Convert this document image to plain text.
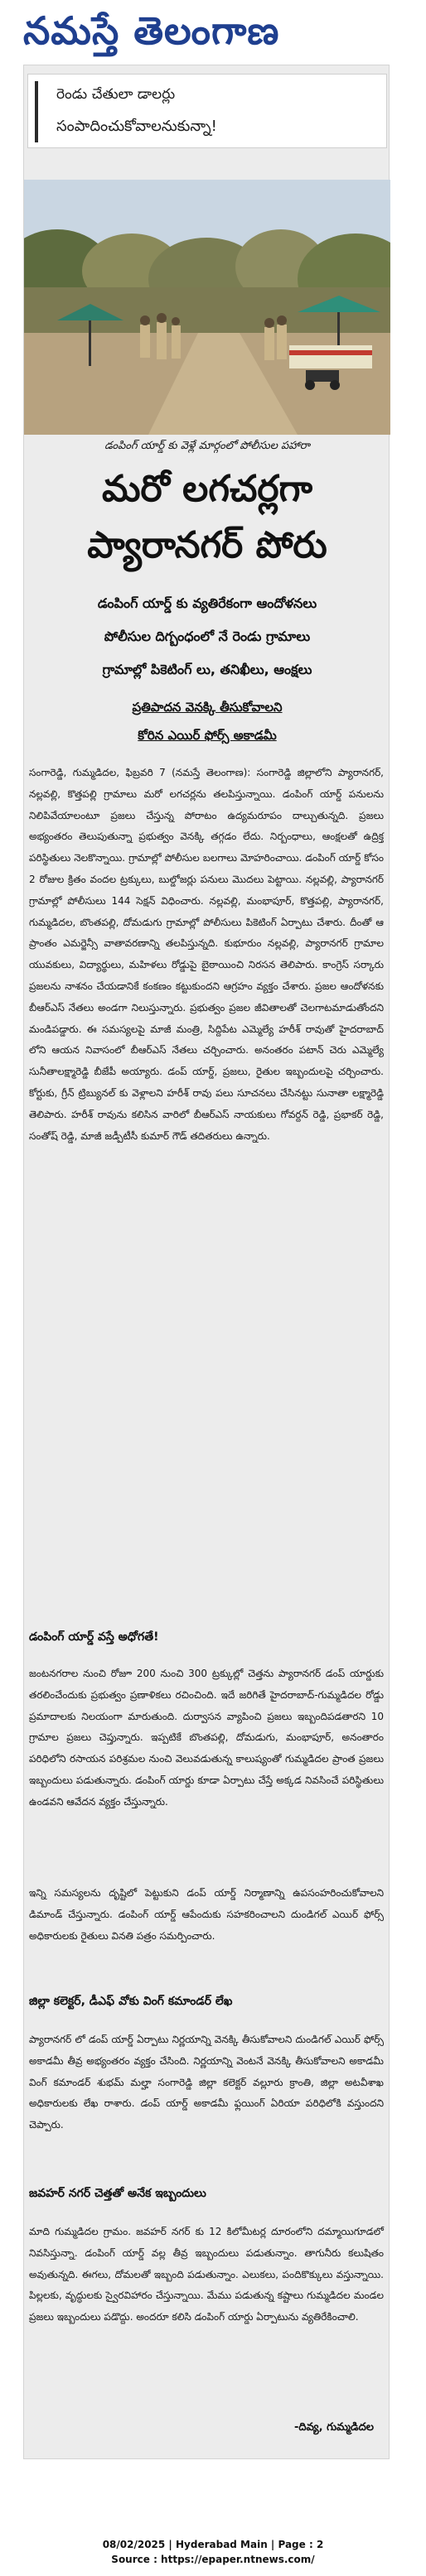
నమస్తే తెలంగాణ
రెండు చేతులా డాలర్లు
సంపాదించుకోవాలనుకున్నా!
డంపింగ్ యార్డ్ కు వెళ్లే మార్గంలో పోలీసుల పహారా
మరో లగచర్లగా
ప్యారానగర్ పోరు
డంపింగ్ యార్డ్ కు వ్యతిరేకంగా ఆందోళనలు
పోలీసుల దిగ్బంధంలో నే రెండు గ్రామాలు
గ్రామాల్లో పికెటింగ్ లు, తనిఖీలు, ఆంక్షలు
ప్రతిపాదన వెనక్కి తీసుకోవాలని
కోరిన ఎయిర్ ఫోర్స్ అకాడమీ

సంగారెడ్డి, గుమ్మడిదల, ఫిబ్రవరి 7 (నమస్తే తెలంగాణ): సంగారెడ్డి జిల్లాలోని ప్యారానగర్, నల్లవల్లి, కొత్తపల్లి గ్రామాలు మరో లగచర్లను తలపిస్తున్నాయి. డంపింగ్ యార్డ్ పనులను నిలిపివేయాలంటూ ప్రజలు చేస్తున్న పోరాటం ఉద్యమరూపం దాల్చుతున్నది. ప్రజలు అభ్యంతరం తెలుపుతున్నా ప్రభుత్వం వెనక్కి తగ్గడం లేదు. నిర్బంధాలు, ఆంక్షలతో ఉద్రిక్త పరిస్థితులు నెలకొన్నాయి. గ్రామాల్లో పోలీసుల బలగాలు మోహరించాయి. డంపింగ్ యార్డ్ కోసం 2 రోజుల క్రితం వందల ట్రక్కులు, బుల్డోజర్లు పనులు మొదలు పెట్టాయి. నల్లవల్లి, ప్యారానగర్ గ్రామాల్లో పోలీసులు 144 సెక్షన్ విధించారు. నల్లవల్లి, మంభాపూర్, కొత్తపల్లి, ప్యారానగర్, గుమ్మడిదల, బొంతపల్లి, దోమడుగు గ్రామాల్లో పోలీసులు పికెటింగ్ ఏర్పాటు చేశారు. దీంతో ఆ ప్రాంతం ఎమర్జెన్సీ వాతావరణాన్ని తలపిస్తున్నది. కుభూరుం నల్లవల్లి, ప్యారానగర్ గ్రామాల యువకులు, విద్యార్థులు, మహిళలు రోడ్డుపై బైఠాయించి నిరసన తెలిపారు. కాంగ్రెస్ సర్కారు ప్రజలను నాశనం చేయడానికే కంకణం కట్టుకుందని ఆగ్రహం వ్యక్తం చేశారు. ప్రజల ఆందోళనకు బీఆర్ఎస్ నేతలు అండగా నిలుస్తున్నారు. ప్రభుత్వం ప్రజల జీవితాలతో చెలగాటమాడుతోందని మండిపడ్డారు. ఈ సమస్యలపై మాజీ మంత్రి, సిద్దిపేట ఎమ్మెల్యే హరీశ్ రావుతో హైదరాబాద్ లోని ఆయన నివాసంలో బీఆర్ఎస్ నేతలు చర్చించారు. అనంతరం పటాన్ చెరు ఎమ్మెల్యే సునీతాలక్ష్మారెడ్డి బీజేపీ అయ్యారు. డంప్ యార్డ్, ప్రజలు, రైతుల ఇబ్బందులపై చర్చించారు. కోర్టుకు, గ్రీన్ ట్రిబ్యునల్ కు వెళ్లాలని హరీశ్ రావు పలు సూచనలు చేసినట్టు సునాతా లక్ష్మారెడ్డి తెలిపారు. హరీశ్ రావును కలిసిన వారిలో బీఆర్ఎస్ నాయకులు గోవర్దన్ రెడ్డి, ప్రభాకర్ రెడ్డి, సంతోష్ రెడ్డి, మాజీ జడ్పీటీసీ కుమార్ గౌడ్ తదితరులు ఉన్నారు.

డంపింగ్ యార్డ్ వస్తే అధోగతే!

జంటనగరాల నుంచి రోజూ 200 నుంచి 300 ట్రక్కుల్లో చెత్తను ప్యారానగర్ డంప్ యార్డుకు తరలించేందుకు ప్రభుత్వం ప్రణాళికలు రచించింది. ఇదే జరిగితే హైదరాబాద్-గుమ్మడిదల రోడ్డు ప్రమాదాలకు నిలయంగా మారుతుంది. దుర్వాసన వ్యాపించి ప్రజలు ఇబ్బందిపడతారని 10 గ్రామాల ప్రజలు చెప్తున్నారు. ఇప్పటికే బొంతపల్లి, దోమడుగు, మంభాపూర్, అనంతారం పరిధిలోని రసాయన పరిశ్రమల నుంచి వెలువడుతున్న కాలుష్యంతో గుమ్మడిదల ప్రాంత ప్రజలు ఇబ్బందులు పడుతున్నారు. డంపింగ్ యార్డు కూడా ఏర్పాటు చేస్తే అక్కడ నివసించే పరిస్థితులు ఉండవని ఆవేదన వ్యక్తం చేస్తున్నారు.

ఇన్ని సమస్యలను దృష్టిలో పెట్టుకుని డంప్ యార్డ్ నిర్మాణాన్ని ఉపసంహరించుకోవాలని డిమాండ్ చేస్తున్నారు. డంపింగ్ యార్డ్ ఆపేందుకు సహకరించాలని దుండిగల్ ఎయిర్ ఫోర్స్ అధికారులకు రైతులు వినతి పత్రం సమర్పించారు.

జిల్లా కలెక్టర్, డీఎఫ్ వోకు వింగ్ కమాండర్ లేఖ

ప్యారానగర్ లో డంప్ యార్డ్ ఏర్పాటు నిర్ణయాన్ని వెనక్కి తీసుకోవాలని దుండిగల్ ఎయిర్ ఫోర్స్ అకాడమీ తీవ్ర అభ్యంతరం వ్యక్తం చేసింది. నిర్ణయాన్ని వెంటనే వెనక్కి తీసుకోవాలని అకాడమీ వింగ్ కమాండర్ శుభమ్ మల్హా సంగారెడ్డి జిల్లా కలెక్టర్ వల్లూరు క్రాంతి, జిల్లా అటవీశాఖ అధికారులకు లేఖ రాశారు. డంప్ యార్డ్ అకాడమీ ఫ్లయింగ్ ఏరియా పరిధిలోకి వస్తుందని చెప్పారు.

జవహర్ నగర్ చెత్తతో అనేక ఇబ్బందులు

మాది గుమ్మడిదల గ్రామం. జవహర్ నగర్ కు 12 కిలోమీటర్ల దూరంలోని దమ్మాయిగూడలో నివసిస్తున్నా. డంపింగ్ యార్డ్ వల్ల తీవ్ర ఇబ్బందులు పడుతున్నాం. తాగునీరు కలుషితం అవుతున్నది. ఈగలు, దోమలతో ఇబ్బంది పడుతున్నాం. ఎలుకలు, పందికొక్కులు వస్తున్నాయి. పిల్లలకు, వృద్ధులకు స్వైరవిహారం చేస్తున్నాయి. మేము పడుతున్న కష్టాలు గుమ్మడిదల మండల ప్రజలు ఇబ్బందులు పడొద్దు. అందరూ కలిసి డంపింగ్ యార్డు ఏర్పాటును వ్యతిరేకించాలి.

-దివ్య, గుమ్మడిదల
08/02/2025 | Hyderabad Main | Page : 2
Source : https://epaper.ntnews.com/
